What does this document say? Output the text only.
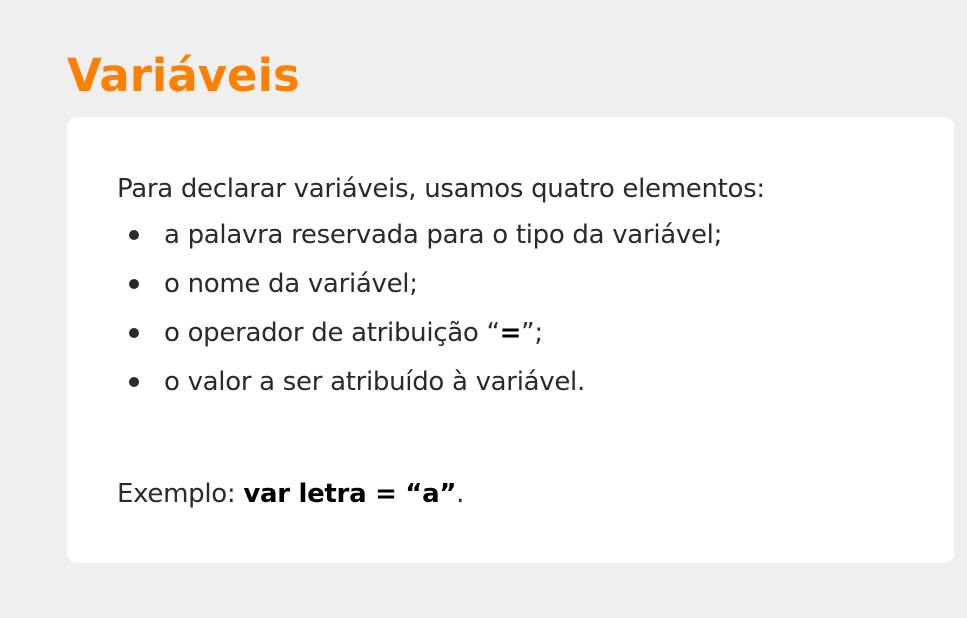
Variáveis

Para declarar variáveis, usamos quatro elementos:

a palavra reservada para o tipo da variável;
o nome da variável;
o operador de atribuição “=”;
o valor a ser atribuído à variável.

Exemplo: var letra = “a”.
